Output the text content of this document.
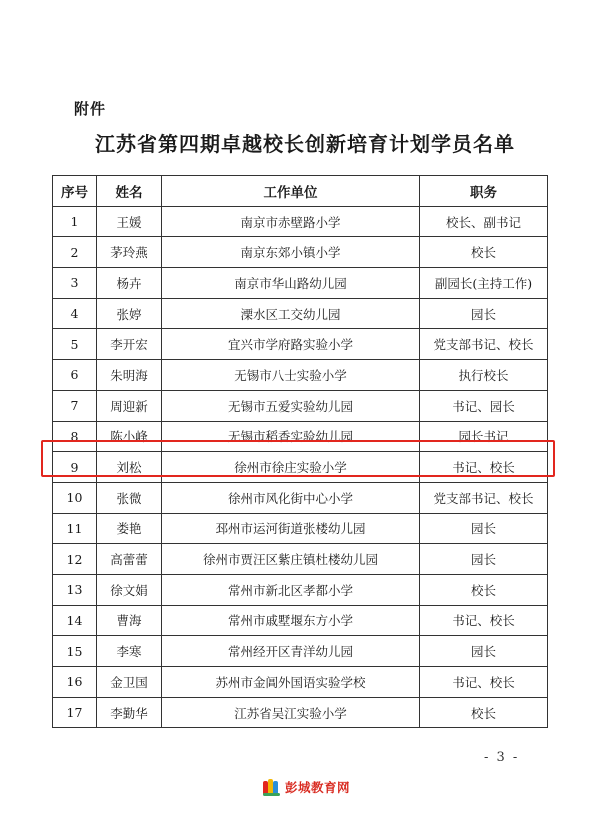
附件
江苏省第四期卓越校长创新培育计划学员名单
序号	姓名	工作单位	职务
1	王媛	南京市赤壁路小学	校长、副书记
2	茅玲燕	南京东郊小镇小学	校长
3	杨卉	南京市华山路幼儿园	副园长(主持工作)
4	张婷	溧水区工交幼儿园	园长
5	李开宏	宜兴市学府路实验小学	党支部书记、校长
6	朱明海	无锡市八士实验小学	执行校长
7	周迎新	无锡市五爱实验幼儿园	书记、园长
8	陈小峰	无锡市稻香实验幼儿园	园长书记
9	刘松	徐州市徐庄实验小学	书记、校长
10	张微	徐州市风化街中心小学	党支部书记、校长
11	娄艳	邳州市运河街道张楼幼儿园	园长
12	高蕾蕾	徐州市贾汪区紫庄镇杜楼幼儿园	园长
13	徐文娟	常州市新北区孝都小学	校长
14	曹海	常州市戚墅堰东方小学	书记、校长
15	李寒	常州经开区青洋幼儿园	园长
16	金卫国	苏州市金阊外国语实验学校	书记、校长
17	李勤华	江苏省吴江实验小学	校长
- 3 -
彭城教育网
